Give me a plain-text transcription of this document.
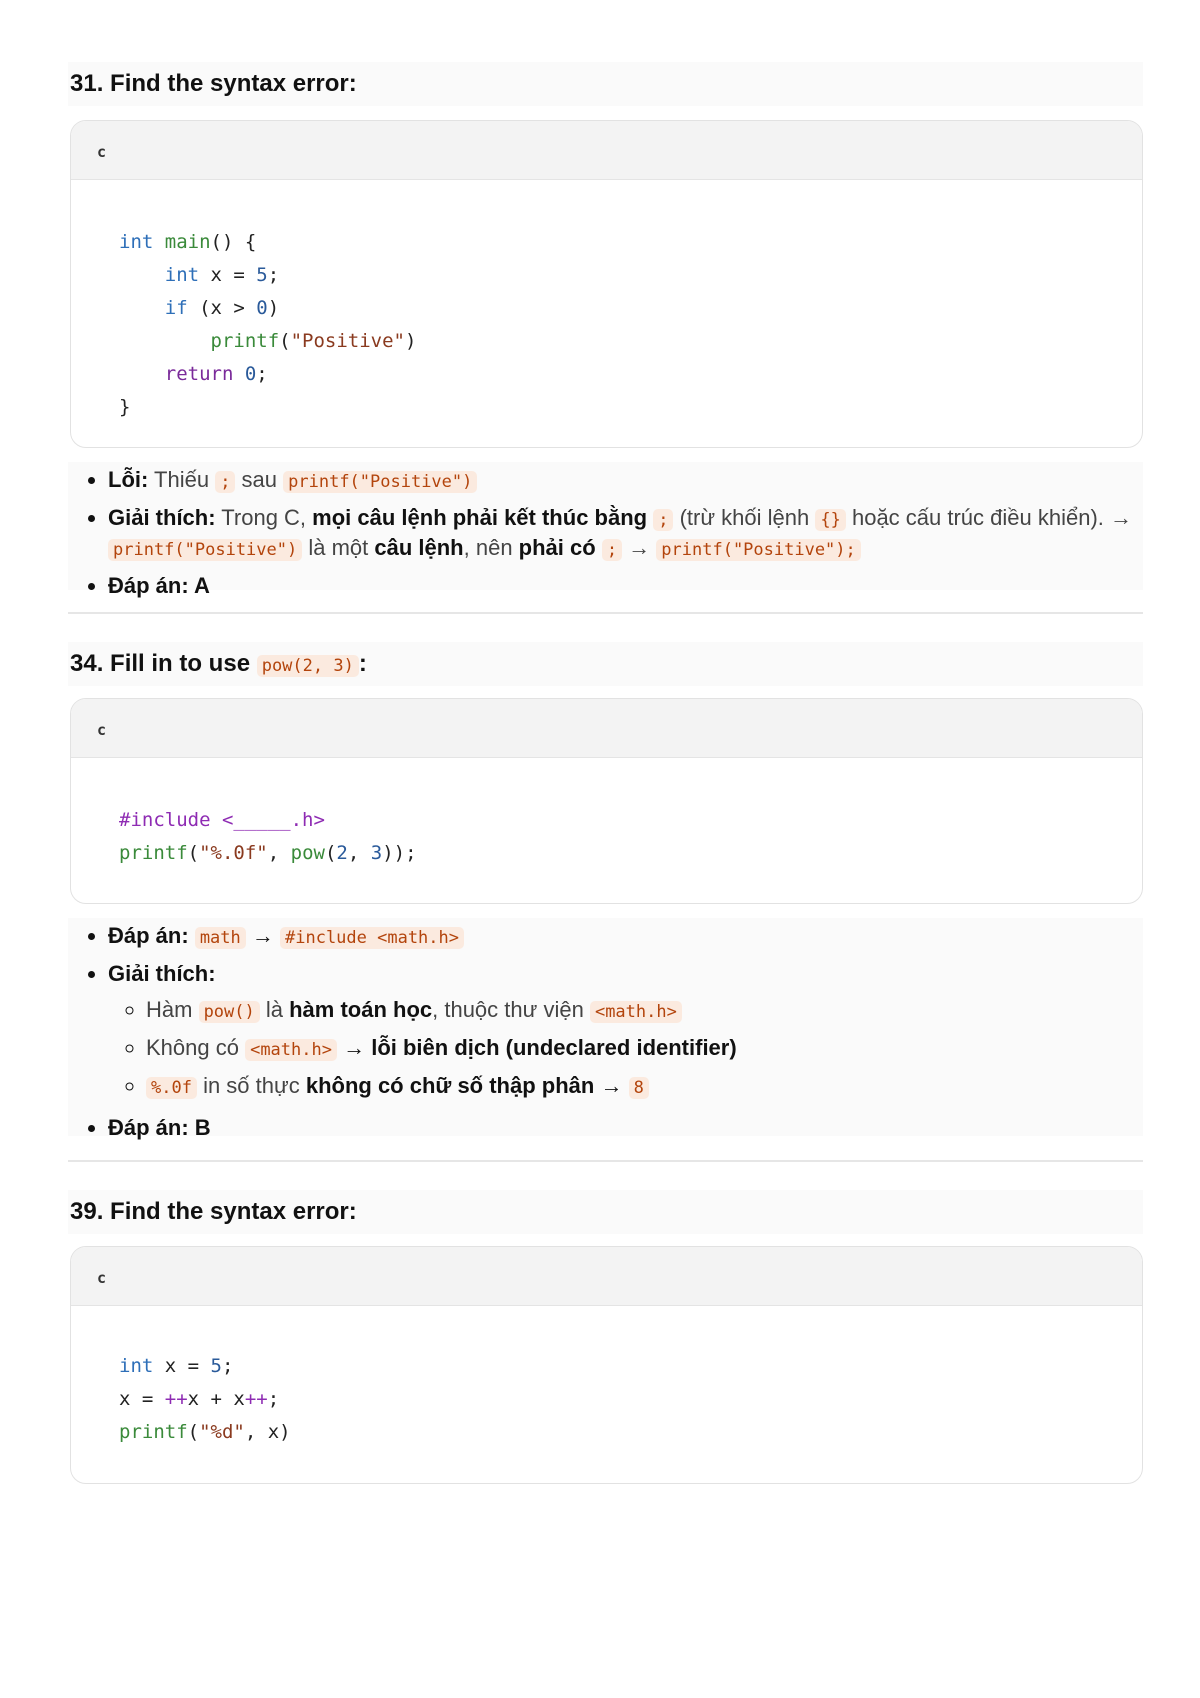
31. Find the syntax error:
c
int main() {
int x = 5;
if (x > 0)
printf("Positive")
return 0;
}
• Lỗi: Thiếu ; sau printf("Positive")
• Giải thích: Trong C, mọi câu lệnh phải kết thúc bằng ; (trừ khối lệnh {} hoặc cấu trúc điều khiển). → printf("Positive") là một câu lệnh, nên phải có ; → printf("Positive");
• Đáp án: A
34. Fill in to use pow(2, 3) :
c
#include <_____.h>
printf("%.0f", pow(2, 3));
• Đáp án: math → #include <math.h>
• Giải thích:
◦ Hàm pow() là hàm toán học, thuộc thư viện <math.h>
◦ Không có <math.h> → lỗi biên dịch (undeclared identifier)
◦ %.0f in số thực không có chữ số thập phân → 8
• Đáp án: B
39. Find the syntax error:
c
int x = 5;
x = ++x + x++;
printf("%d", x)
